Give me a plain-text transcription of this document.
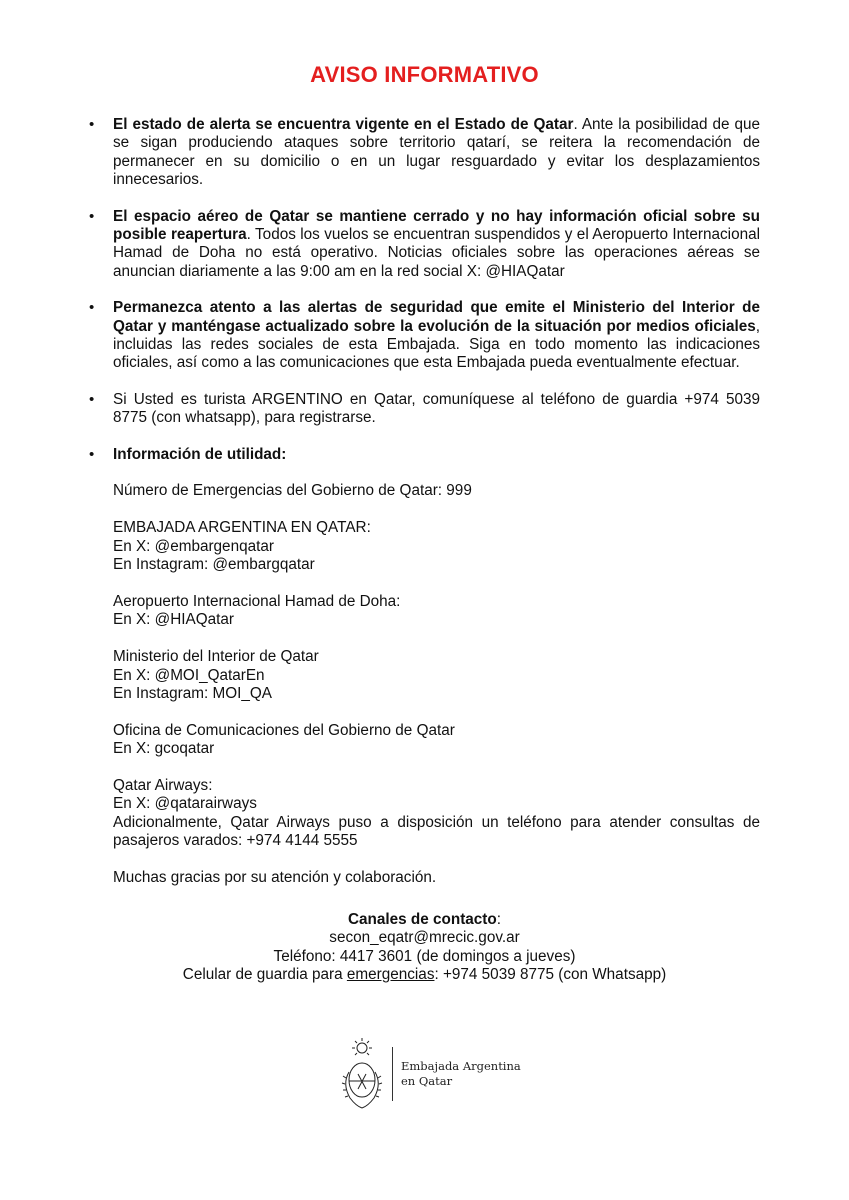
AVISO INFORMATIVO
• El estado de alerta se encuentra vigente en el Estado de Qatar. Ante la posibilidad de que se sigan produciendo ataques sobre territorio qatarí, se reitera la recomendación de permanecer en su domicilio o en un lugar resguardado y evitar los desplazamientos innecesarios.
• El espacio aéreo de Qatar se mantiene cerrado y no hay información oficial sobre su posible reapertura. Todos los vuelos se encuentran suspendidos y el Aeropuerto Internacional Hamad de Doha no está operativo. Noticias oficiales sobre las operaciones aéreas se anuncian diariamente a las 9:00 am en la red social X: @HIAQatar
• Permanezca atento a las alertas de seguridad que emite el Ministerio del Interior de Qatar y manténgase actualizado sobre la evolución de la situación por medios oficiales, incluidas las redes sociales de esta Embajada. Siga en todo momento las indicaciones oficiales, así como a las comunicaciones que esta Embajada pueda eventualmente efectuar.
• Si Usted es turista ARGENTINO en Qatar, comuníquese al teléfono de guardia +974 5039 8775 (con whatsapp), para registrarse.
• Información de utilidad:

Número de Emergencias del Gobierno de Qatar: 999

EMBAJADA ARGENTINA EN QATAR:
En X: @embargenqatar
En Instagram: @embargqatar

Aeropuerto Internacional Hamad de Doha:
En X: @HIAQatar

Ministerio del Interior de Qatar
En X: @MOI_QatarEn
En Instagram: MOI_QA

Oficina de Comunicaciones del Gobierno de Qatar
En X: gcoqatar

Qatar Airways:
En X: @qatarairways
Adicionalmente, Qatar Airways puso a disposición un teléfono para atender consultas de pasajeros varados: +974 4144 5555

Muchas gracias por su atención y colaboración.

Canales de contacto:
secon_eqatr@mrecic.gov.ar
Teléfono: 4417 3601 (de domingos a jueves)
Celular de guardia para emergencias: +974 5039 8775 (con Whatsapp)
Embajada Argentina
en Qatar
